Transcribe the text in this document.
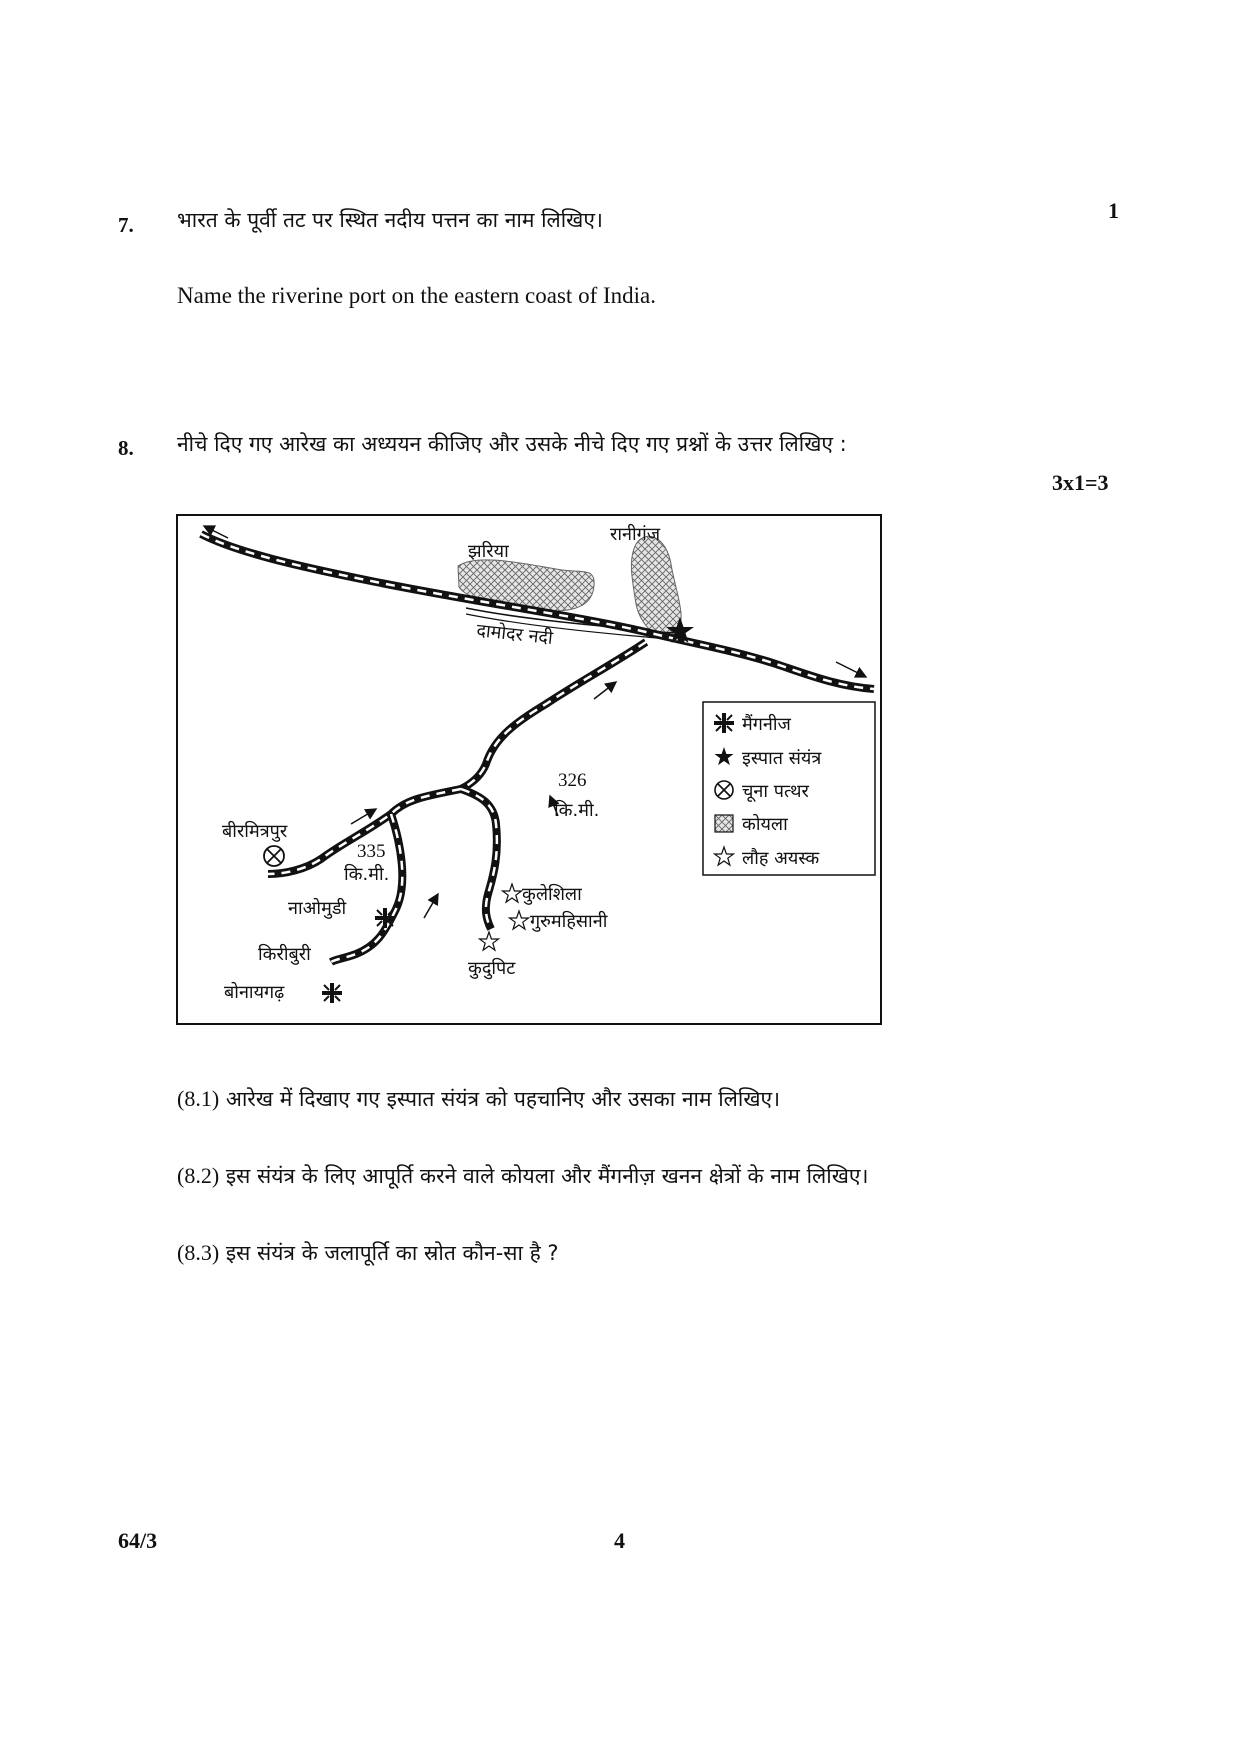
7. भारत के पूर्वी तट पर स्थित नदीय पत्तन का नाम लिखिए।	1
Name the riverine port on the eastern coast of India.
8. नीचे दिए गए आरेख का अध्ययन कीजिए और उसके नीचे दिए गए प्रश्नों के उत्तर लिखिए :
3x1=3
झरिया
रानीगंज
दामोदर नदी
बीरमित्रपुर
नाओमुडी
किरीबुरी
बोनायगढ़
कुलेशिला
गुरुमहिसानी
कुदुपिट
335
कि.मी.
326
कि.मी.
मैंगनीज
इस्पात संयंत्र
चूना पत्थर
कोयला
लौह अयस्क
(8.1) आरेख में दिखाए गए इस्पात संयंत्र को पहचानिए और उसका नाम लिखिए।
(8.2) इस संयंत्र के लिए आपूर्ति करने वाले कोयला और मैंगनीज़ खनन क्षेत्रों के नाम लिखिए।
(8.3) इस संयंत्र के जलापूर्ति का स्रोत कौन-सा है ?
64/3	4
